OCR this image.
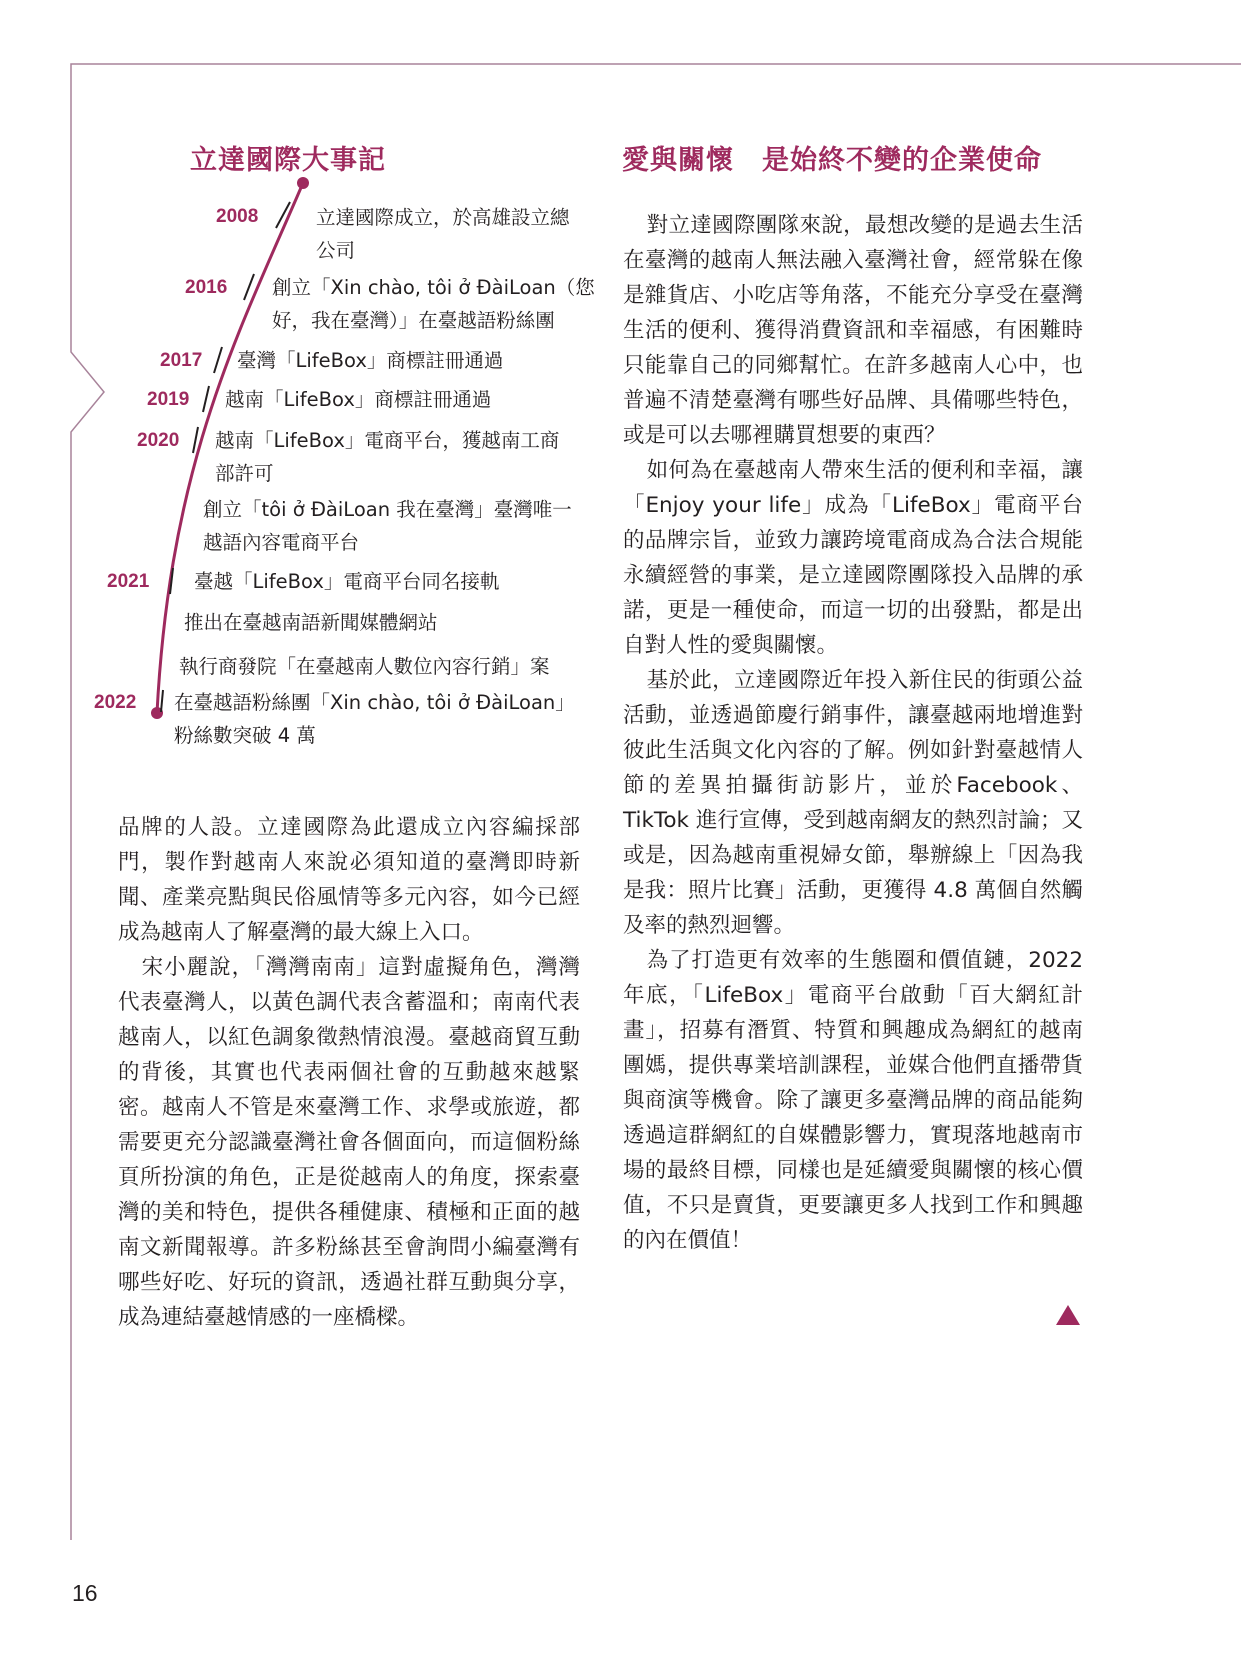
立達國際大事記	愛與關懷　是始終不變的企業使命
2008	立達國際成立，於高雄設立總
公司
2016 創立「Xin chào, tôi ở ĐàiLoan（您
好，我在臺灣）」在臺越語粉絲團
2017 臺灣「LifeBox」商標註冊通過
2019 越南「LifeBox」商標註冊通過
2020 越南「LifeBox」電商平台，獲越南工商
部許可
創立「tôi ở ĐàiLoan 我在臺灣」臺灣唯一
越語內容電商平台
2021 臺越「LifeBox」電商平台同名接軌
推出在臺越南語新聞媒體網站
執行商發院「在臺越南人數位內容行銷」案
2022 在臺越語粉絲團「Xin chào, tôi ở ĐàiLoan」
粉絲數突破 4 萬

品牌的人設。立達國際為此還成立內容編採部門，製作對越南人來說必須知道的臺灣即時新聞、產業亮點與民俗風情等多元內容，如今已經成為越南人了解臺灣的最大線上入口。

宋小麗說，「灣灣南南」這對虛擬角色，灣灣代表臺灣人，以黃色調代表含蓄溫和；南南代表越南人，以紅色調象徵熱情浪漫。臺越商貿互動的背後，其實也代表兩個社會的互動越來越緊密。越南人不管是來臺灣工作、求學或旅遊，都需要更充分認識臺灣社會各個面向，而這個粉絲頁所扮演的角色，正是從越南人的角度，探索臺灣的美和特色，提供各種健康、積極和正面的越南文新聞報導。許多粉絲甚至會詢問小編臺灣有哪些好吃、好玩的資訊，透過社群互動與分享，成為連結臺越情感的一座橋樑。

對立達國際團隊來說，最想改變的是過去生活在臺灣的越南人無法融入臺灣社會，經常躲在像是雜貨店、小吃店等角落，不能充分享受在臺灣生活的便利、獲得消費資訊和幸福感，有困難時只能靠自己的同鄉幫忙。在許多越南人心中，也普遍不清楚臺灣有哪些好品牌、具備哪些特色，或是可以去哪裡購買想要的東西？

如何為在臺越南人帶來生活的便利和幸福，讓「Enjoy your life」成為「LifeBox」電商平台的品牌宗旨，並致力讓跨境電商成為合法合規能永續經營的事業，是立達國際團隊投入品牌的承諾，更是一種使命，而這一切的出發點，都是出自對人性的愛與關懷。

基於此，立達國際近年投入新住民的街頭公益活動，並透過節慶行銷事件，讓臺越兩地增進對彼此生活與文化內容的了解。例如針對臺越情人節的差異拍攝街訪影片，並於Facebook、TikTok 進行宣傳，受到越南網友的熱烈討論；又或是，因為越南重視婦女節，舉辦線上「因為我是我：照片比賽」活動，更獲得 4.8 萬個自然觸及率的熱烈迴響。

為了打造更有效率的生態圈和價值鏈，2022 年底，「LifeBox」電商平台啟動「百大網紅計畫」，招募有潛質、特質和興趣成為網紅的越南團媽，提供專業培訓課程，並媒合他們直播帶貨與商演等機會。除了讓更多臺灣品牌的商品能夠透過這群網紅的自媒體影響力，實現落地越南市場的最終目標，同樣也是延續愛與關懷的核心價值，不只是賣貨，更要讓更多人找到工作和興趣的內在價值！

16
